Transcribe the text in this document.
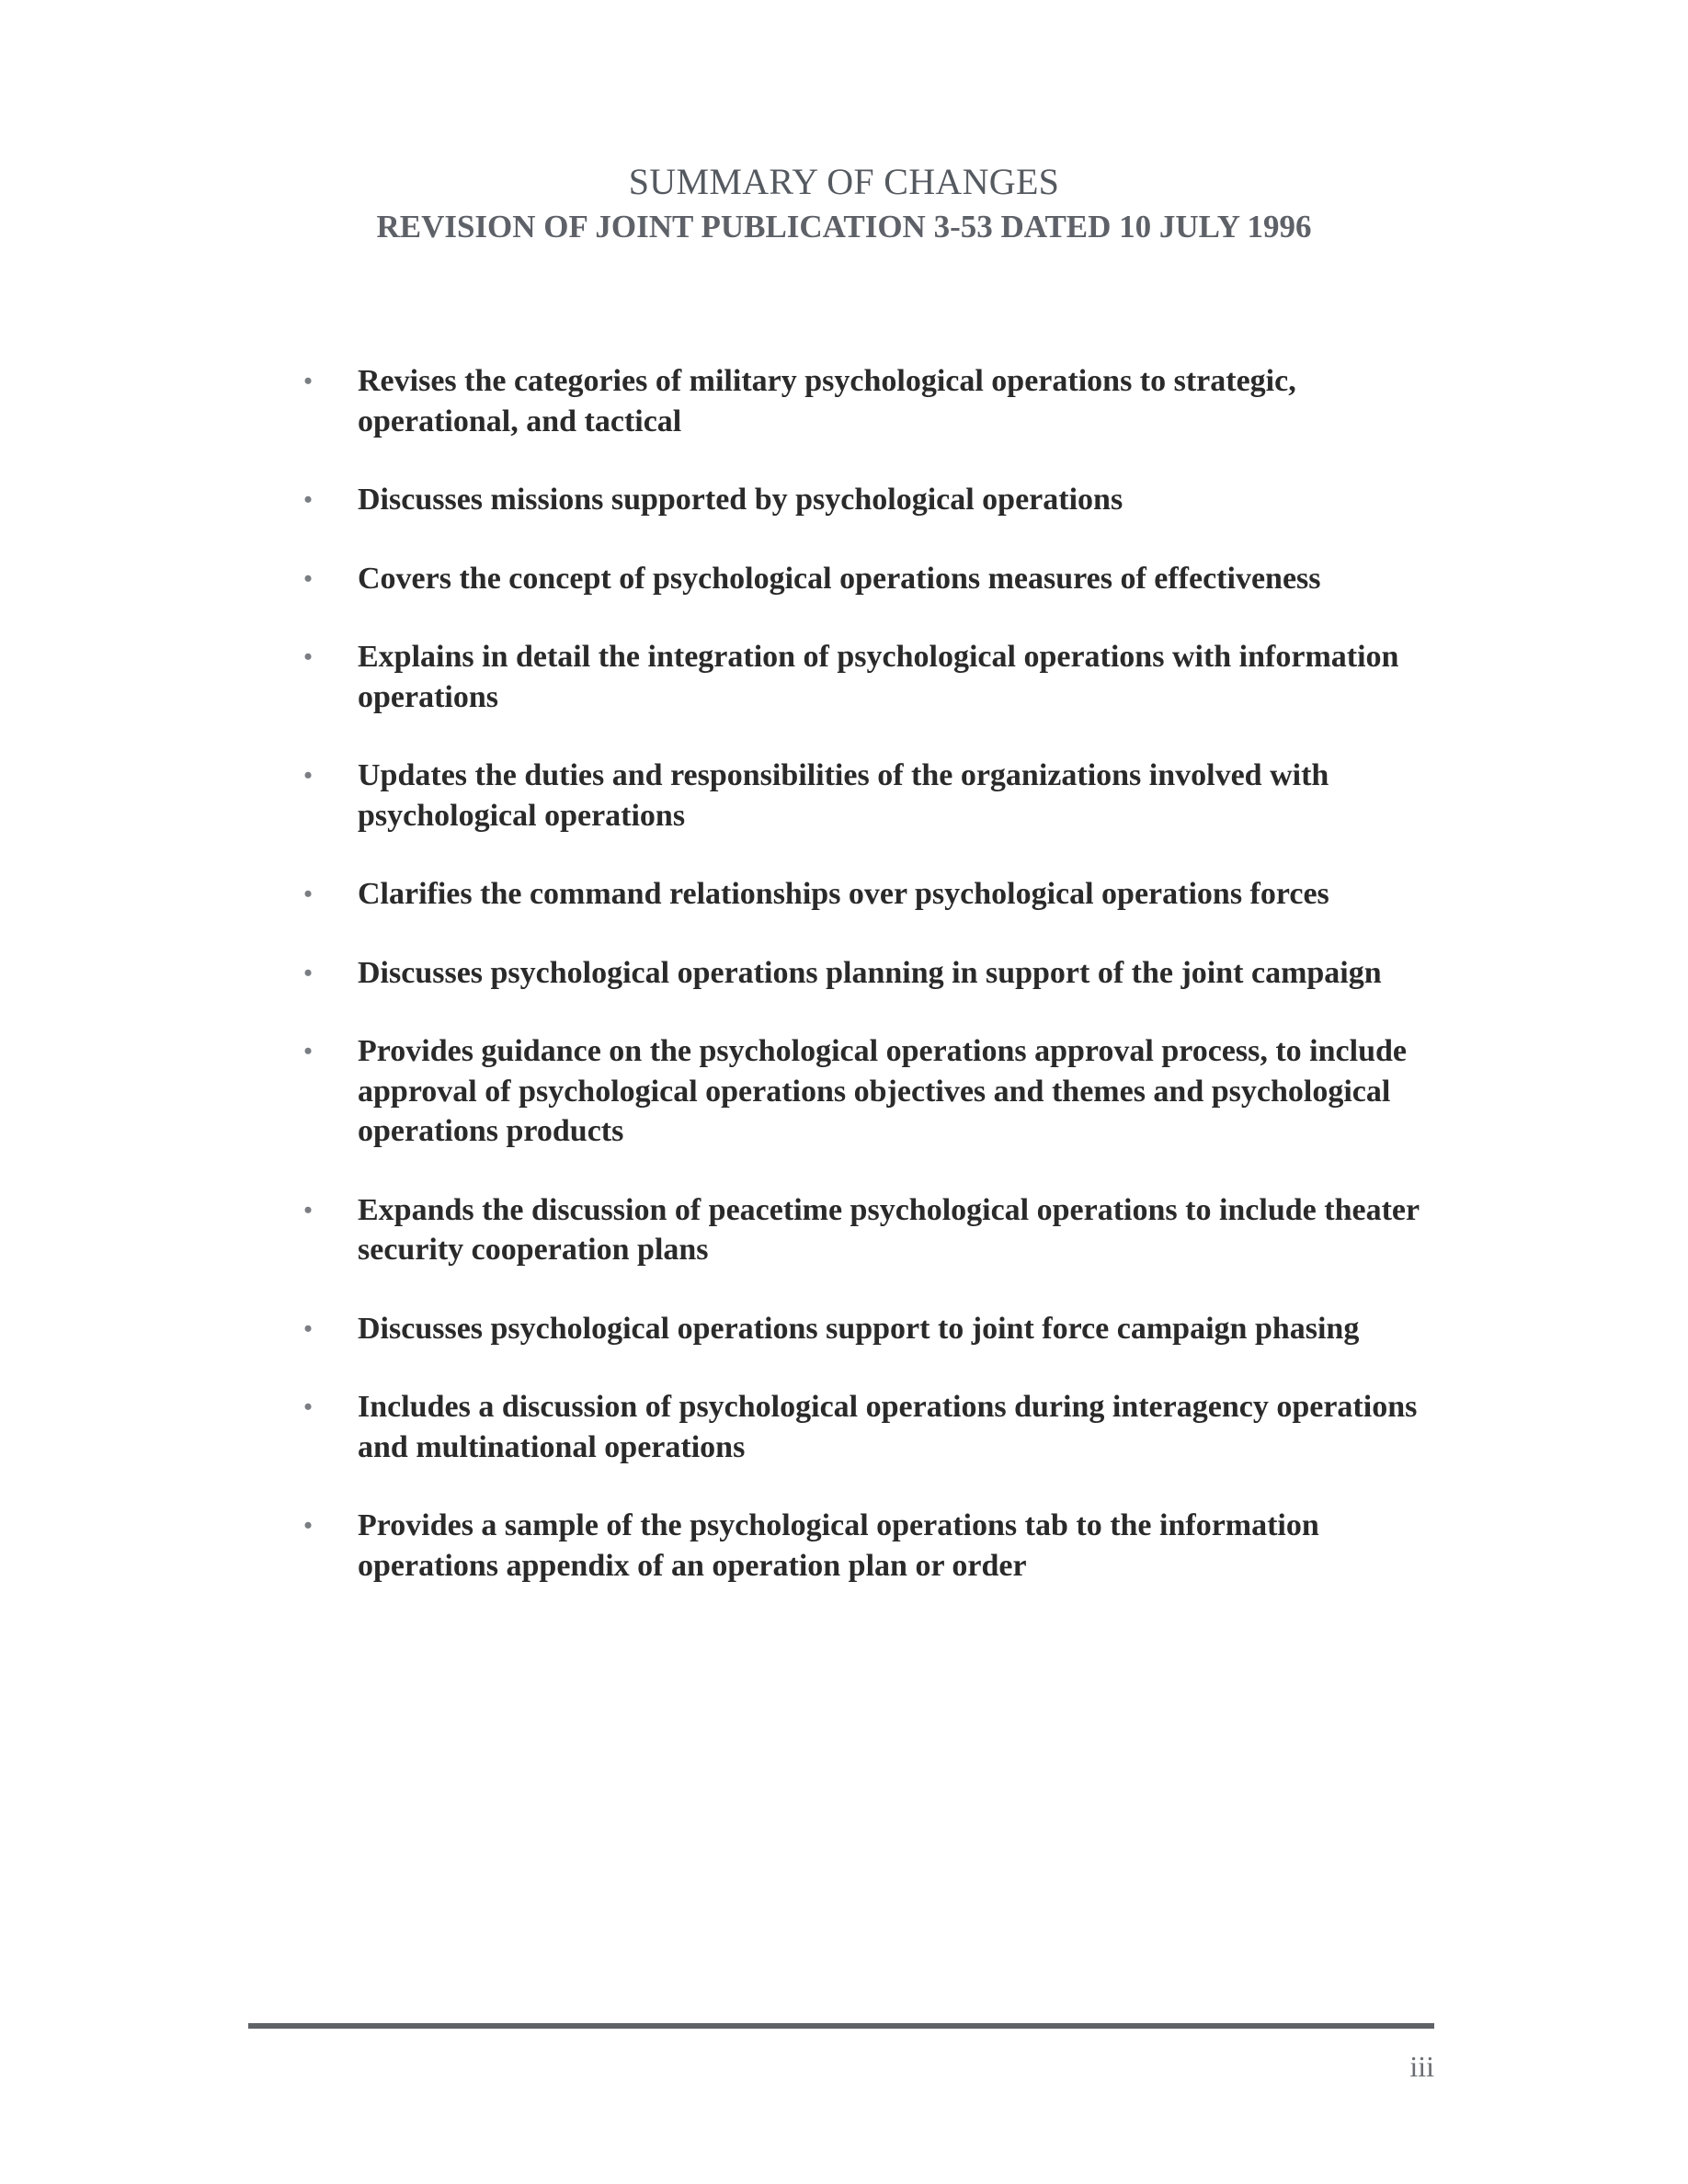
SUMMARY OF CHANGES
REVISION OF JOINT PUBLICATION 3-53 DATED 10 JULY 1996
•	Revises the categories of military psychological operations to strategic, operational, and tactical
•	Discusses missions supported by psychological operations
•	Covers the concept of psychological operations measures of effectiveness
•	Explains in detail the integration of psychological operations with information operations
•	Updates the duties and responsibilities of the organizations involved with psychological operations
•	Clarifies the command relationships over psychological operations forces
•	Discusses psychological operations planning in support of the joint campaign
•	Provides guidance on the psychological operations approval process, to include approval of psychological operations objectives and themes and psychological operations products
•	Expands the discussion of peacetime psychological operations to include theater security cooperation plans
•	Discusses psychological operations support to joint force campaign phasing
•	Includes a discussion of psychological operations during interagency operations and multinational operations
•	Provides a sample of the psychological operations tab to the information operations appendix of an operation plan or order
iii
